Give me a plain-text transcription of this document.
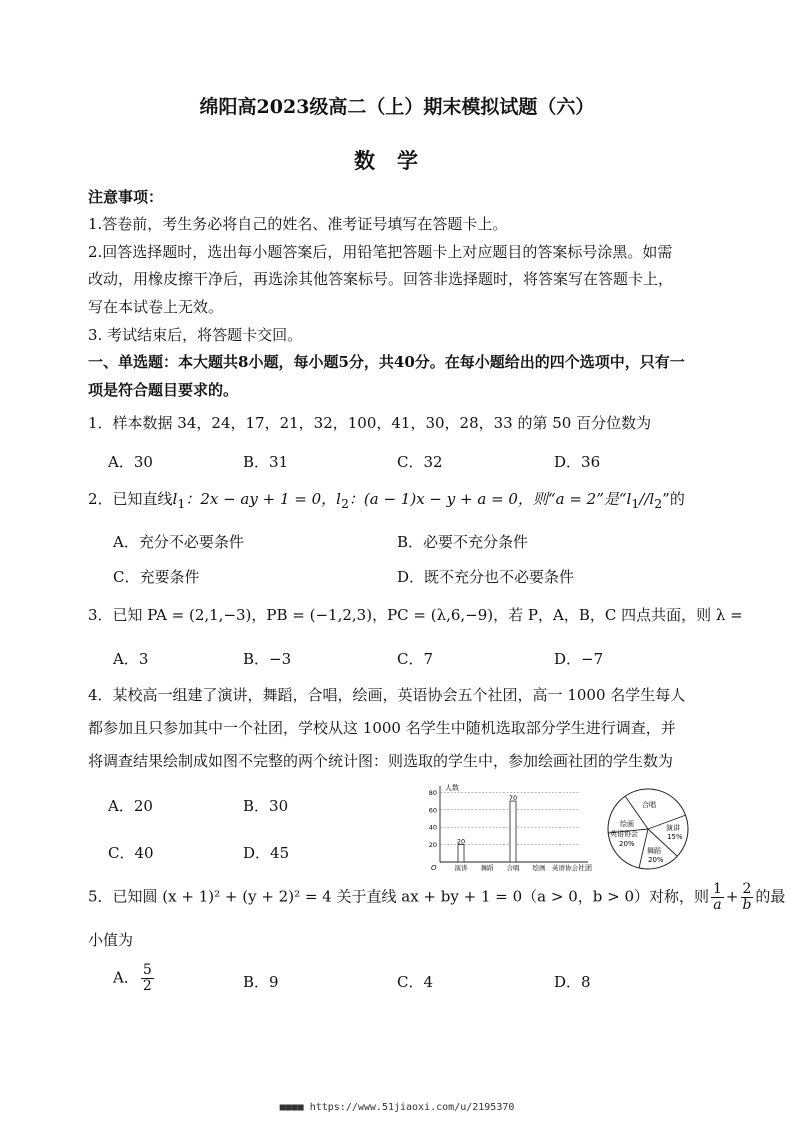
绵阳高2023级高二（上）期末模拟试题（六）
数学
注意事项：
1.答卷前，考生务必将自己的姓名、准考证号填写在答题卡上。
2.回答选择题时，选出每小题答案后，用铅笔把答题卡上对应题目的答案标号涂黑。如需
改动，用橡皮擦干净后，再选涂其他答案标号。回答非选择题时，将答案写在答题卡上，
写在本试卷上无效。
3. 考试结束后，将答题卡交回。
一、单选题：本大题共8小题，每小题5分，共40分。在每小题给出的四个选项中，只有一
项是符合题目要求的。
1．样本数据 34，24，17，21，32，100，41，30，28，33 的第 50 百分位数为
A．30	B．31	C．32	D．36
2．已知直线$l_1$：2x − ay + 1 = 0，$l_2$：(a − 1)x − y + a = 0，则“a = 2”是“$l_1//l_2$”的
A．充分不必要条件	B．必要不充分条件
C．充要条件	D．既不充分也不必要条件
3．已知 PA = (2,1,−3)，PB = (−1,2,3)，PC = (λ,6,−9)，若 P，A，B，C 四点共面，则 λ =
A．3	B．−3	C．7	D．−7
4．某校高一组建了演讲，舞蹈，合唱，绘画，英语协会五个社团，高一 1000 名学生每人
都参加且只参加其中一个社团，学校从这 1000 名学生中随机选取部分学生进行调查，并
将调查结果绘制成如图不完整的两个统计图：则选取的学生中，参加绘画社团的学生数为
A．20	B．30
C．40	D．45	20
40
60
80
演讲
20
舞蹈 合唱
70
绘画 英语协会
人数
社团
O
合唱
演讲
15%
舞蹈
20%
绘画
英语协会
20%
5．已知圆 (x + 1)² + (y + 2)² = 4 关于直线 ax + by + 1 = 0（a > 0，b > 0）对称，则 $\frac{1}{a} + \frac{2}{b}$ 的最
小值为
A． $\frac{5}{2}$	B．9	C．4	D．8
■■■■ https://www.51jiaoxi.com/u/2195370
